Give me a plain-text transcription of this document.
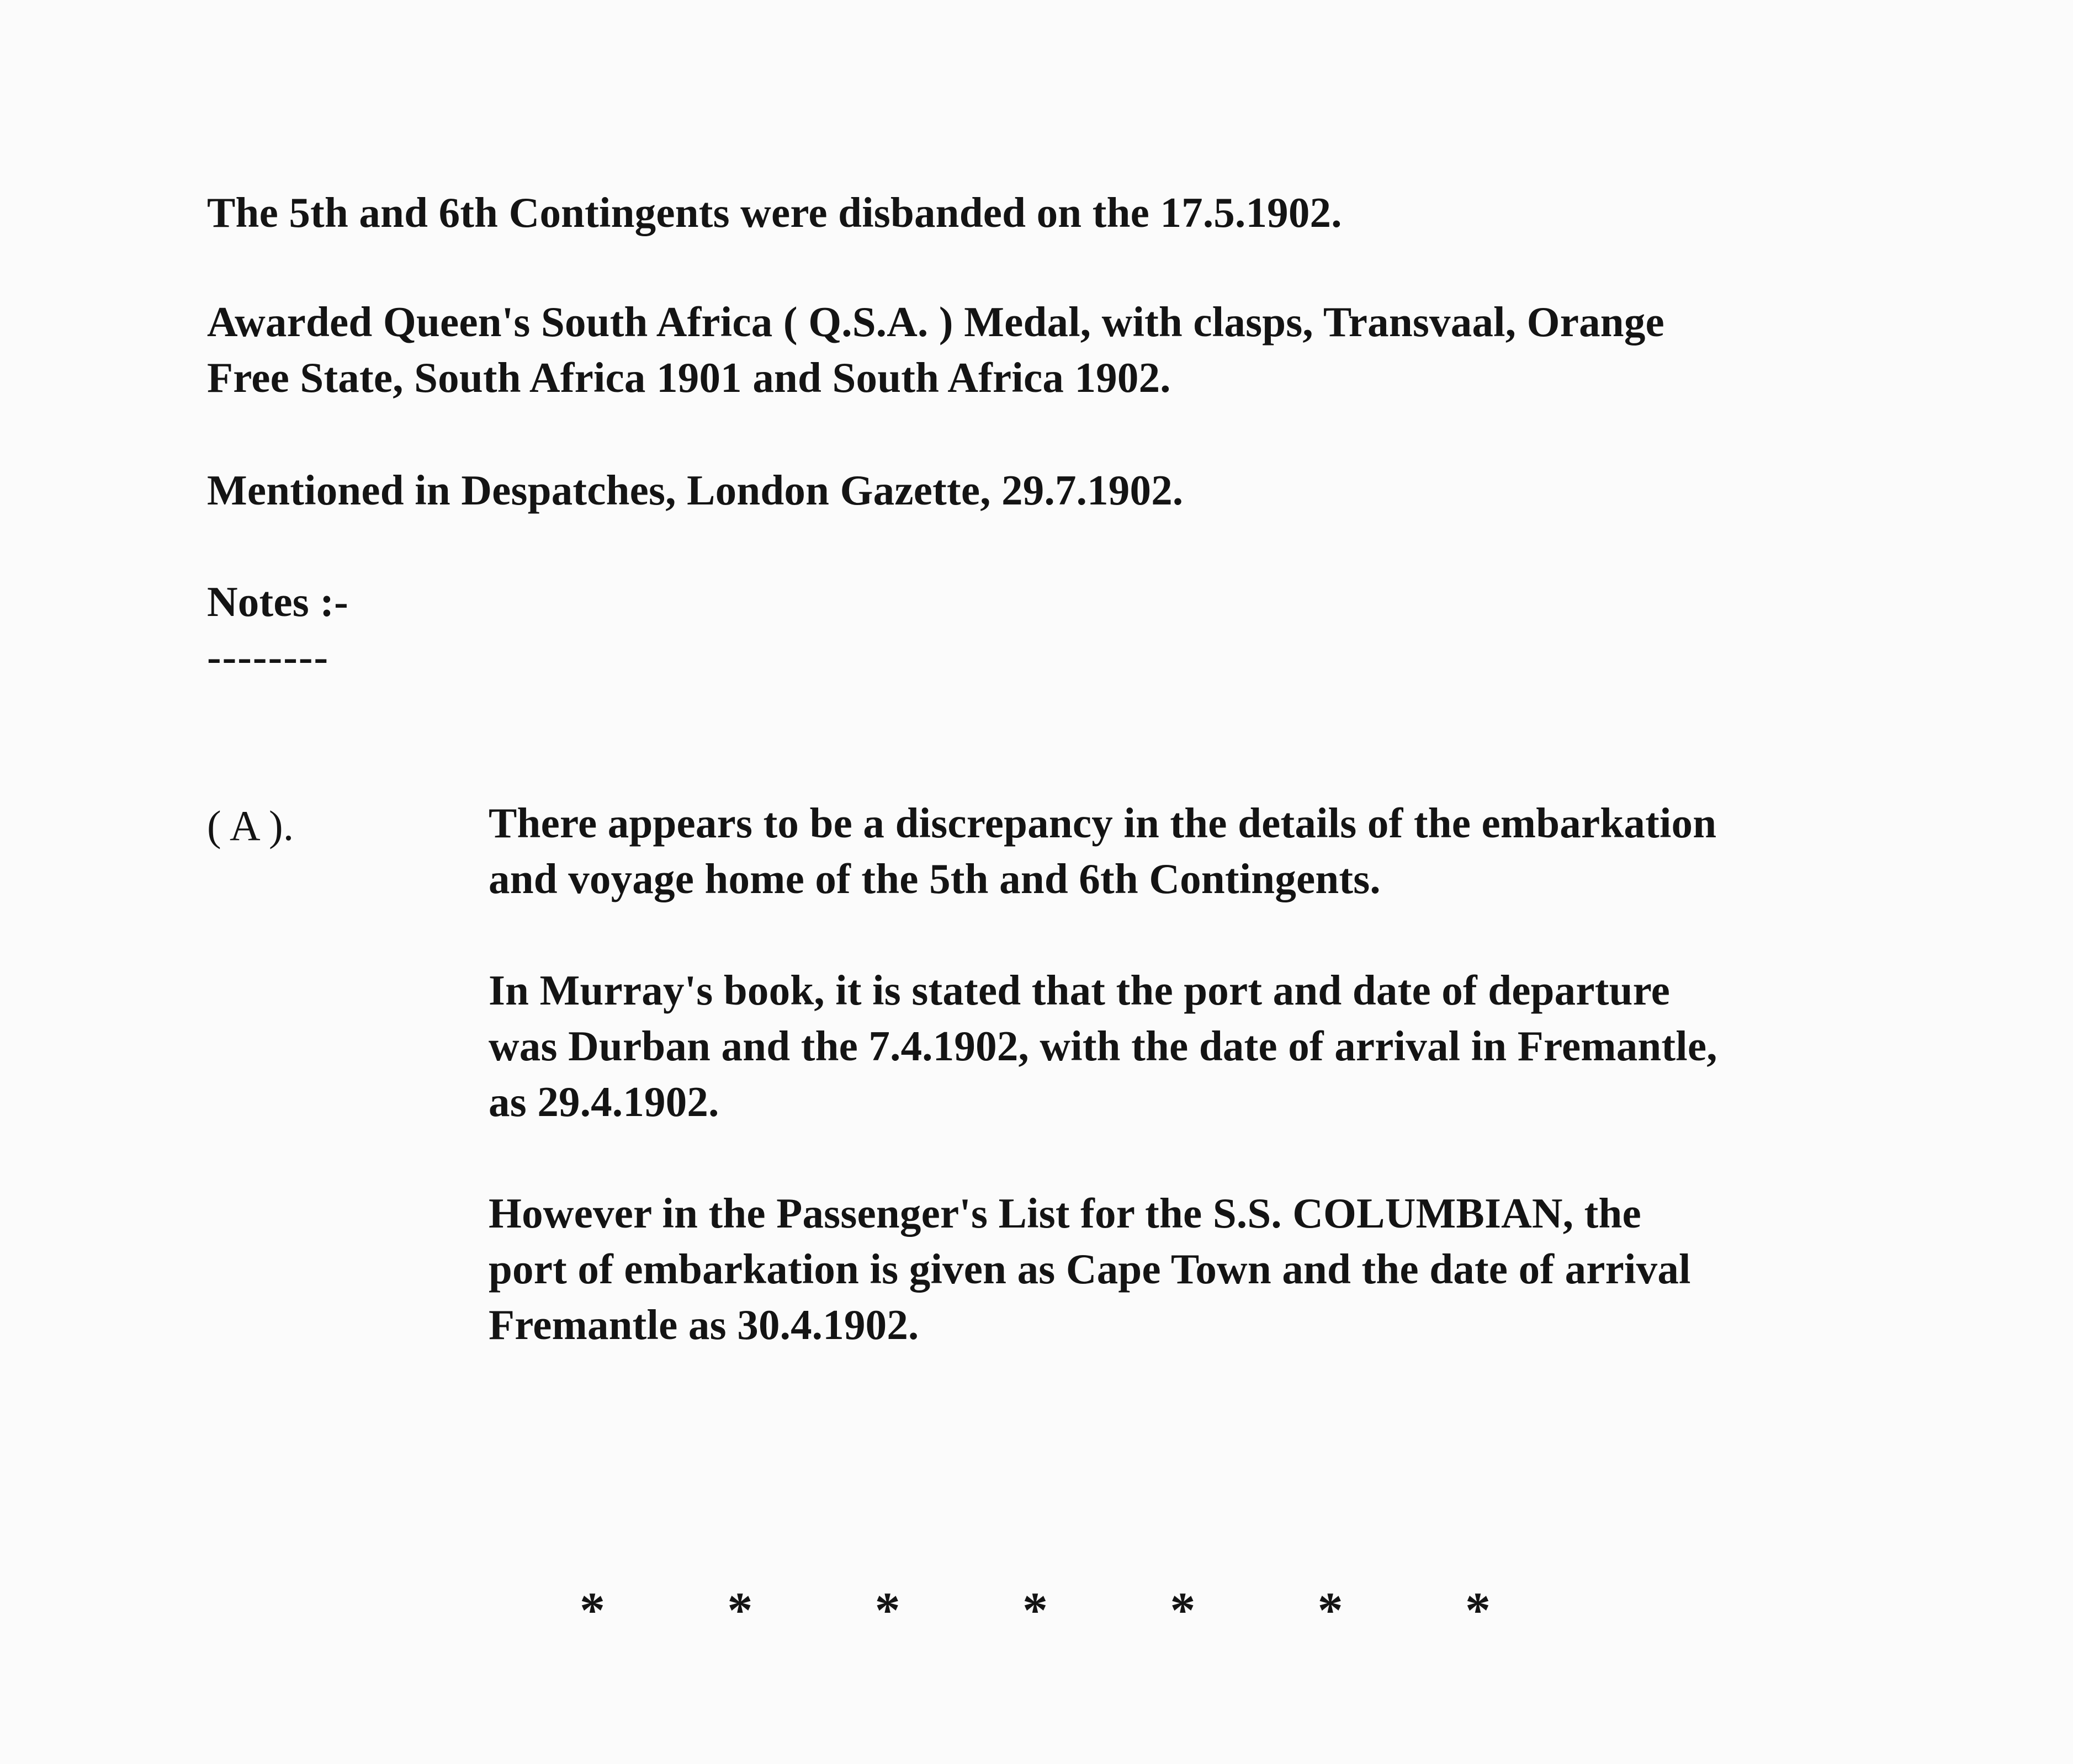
The 5th and 6th Contingents were disbanded on the 17.5.1902.
Awarded Queen's South Africa ( Q.S.A. ) Medal, with clasps, Transvaal, Orange
Free State, South Africa 1901 and South Africa 1902.
Mentioned in Despatches, London Gazette, 29.7.1902.
Notes :-
--------
( A ).	There appears to be a discrepancy in the details of the embarkation
and voyage home of the 5th and 6th Contingents.
In Murray's book, it is stated that the port and date of departure
was Durban and the 7.4.1902, with the date of arrival in Fremantle,
as 29.4.1902.
However in the Passenger's List for the S.S. COLUMBIAN, the
port of embarkation is given as Cape Town and the date of arrival
Fremantle as 30.4.1902.
* * * * * * *
